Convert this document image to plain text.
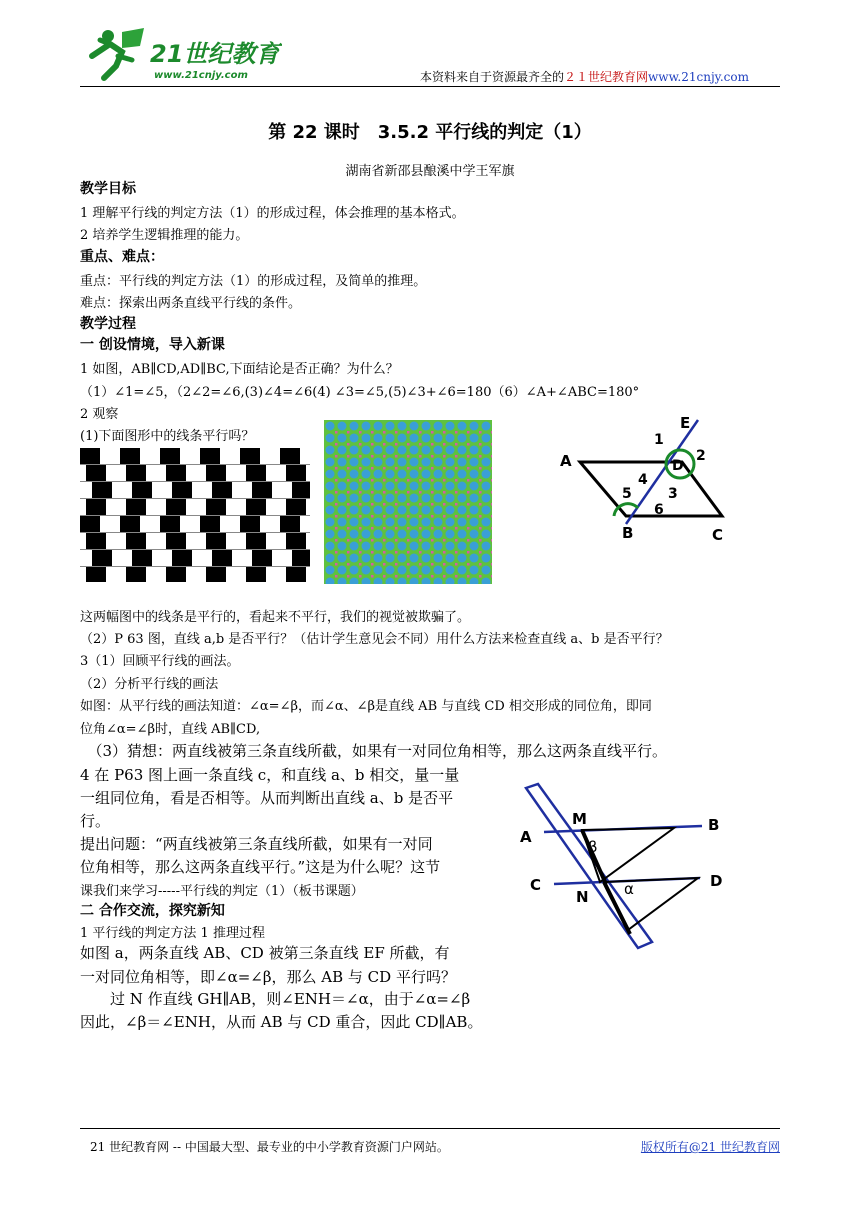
21世纪教育
www.21cnjy.com	本资料来自于资源最齐全的２１世纪教育网www.21cnjy.com
第 22 课时　3.5.2 平行线的判定（1）
湖南省新邵县酿溪中学王军旗
教学目标
1 理解平行线的判定方法（1）的形成过程，体会推理的基本格式。
2 培养学生逻辑推理的能力。
重点、难点：
重点：平行线的判定方法（1）的形成过程，及简单的推理。
难点：探索出两条直线平行线的条件。
教学过程
一 创设情境，导入新课
1 如图，AB∥CD,AD∥BC,下面结论是否正确？为什么？
（1）∠1=∠5，（2∠2=∠6,(3)∠4=∠6(4) ∠3=∠5,(5)∠3+∠6=180（6）∠A+∠ABC=180°
2 观察
(1)下面图形中的线条平行吗？
A
B	C
D
E
1
2
3
4
5
6
这两幅图中的线条是平行的，看起来不平行，我们的视觉被欺骗了。
（2）P 63 图，直线 a,b 是否平行？（估计学生意见会不同）用什么方法来检查直线 a、b 是否平行？
3（1）回顾平行线的画法。
（2）分析平行线的画法
如图：从平行线的画法知道：∠α=∠β，而∠α、∠β是直线 AB 与直线 CD 相交形成的同位角，即同
位角∠α=∠β时，直线 AB∥CD,
　（3）猜想：两直线被第三条直线所截，如果有一对同位角相等，那么这两条直线平行。
4 在 P63 图上画一条直线 c，和直线 a、b 相交，量一量
一组同位角，看是否相等。从而判断出直线 a、b 是否平
行。
提出问题：“两直线被第三条直线所截，如果有一对同
位角相等，那么这两条直线平行。”这是为什么呢？这节
课我们来学习-----平行线的判定（1）（板书课题）
二 合作交流，探究新知
1 平行线的判定方法 1 推理过程
如图 a，两条直线 AB、CD 被第三条直线 EF 所截，有
一对同位角相等，即∠α=∠β，那么 AB 与 CD 平行吗？
　　过 N 作直线 GH∥AB，则∠ENH＝∠α，由于∠α=∠β
因此，∠β＝∠ENH，从而 AB 与 CD 重合，因此 CD∥AB。
M
A
B
C	D
N
β
α
21 世纪教育网 -- 中国最大型、最专业的中小学教育资源门户网站。	版权所有@21 世纪教育网
